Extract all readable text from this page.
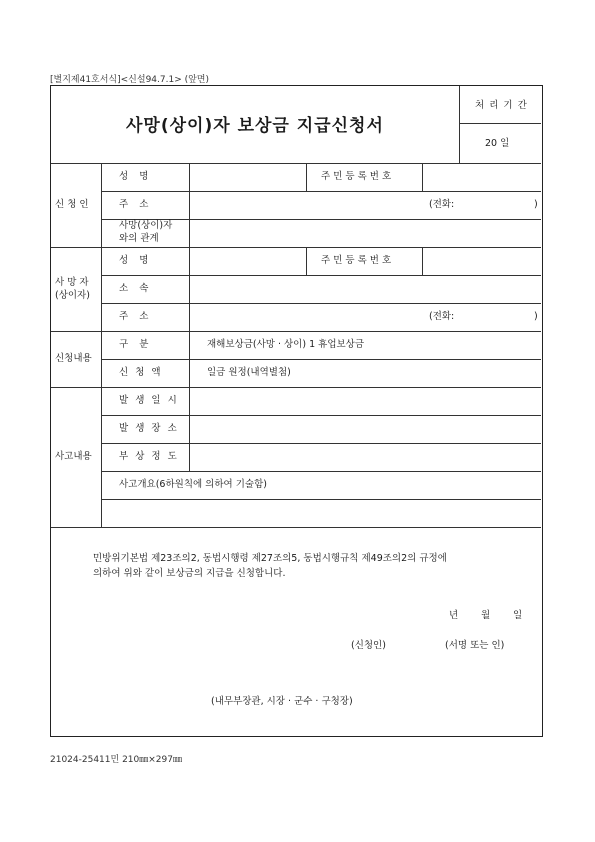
[별지제41호서식]<신설94.7.1> (앞면)
사망(상이)자 보상금 지급신청서
처 리 기 간
20 일
신 청 인
성 명	주 민 등 록 번 호
주 소	(전화:	)
사망(상이)자
와의 관계
사 망 자
(상이자)
성 명	주 민 등 록 번 호
소 속
주 소	(전화:	)
신청내용
구 분	재해보상금(사망 · 상이) 1 휴업보상금
신 청 액	일금 원정(내역별첨)
사고내용
발 생 일 시
발 생 장 소
부 상 정 도
사고개요(6하원칙에 의하여 기술함)
민방위기본법 제23조의2, 동법시행령 제27조의5, 동법시행규칙 제49조의2의 규정에
의하여 위와 같이 보상금의 지급을 신청합니다.
년 월 일
(신청인)	(서명 또는 인)
(내무부장관, 시장 · 군수 · 구청장)
21024-25411민 210㎜×297㎜
